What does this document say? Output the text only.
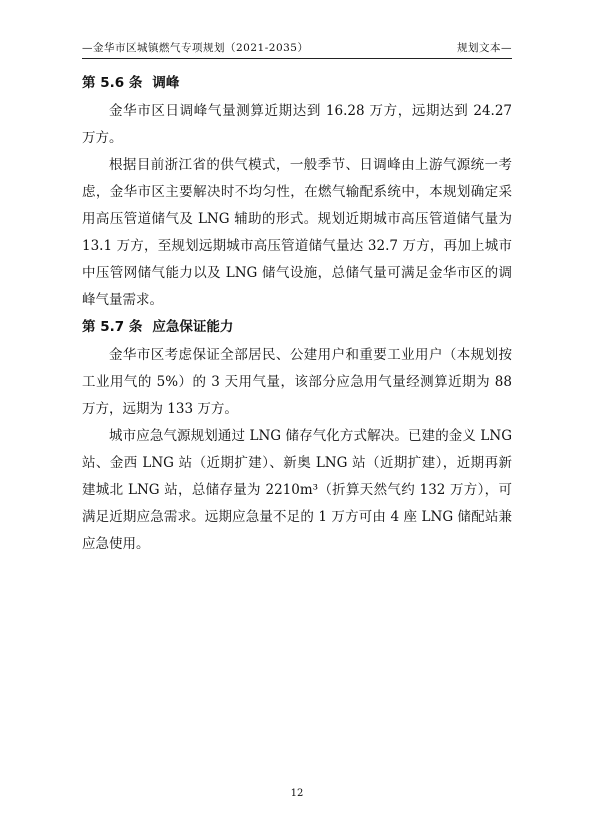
—金华市区城镇燃气专项规划（2021-2035）	规划文本—
第 5.6 条 调峰

金华市区日调峰气量测算近期达到 16.28 万方，远期达到 24.27 万方。

根据目前浙江省的供气模式，一般季节、日调峰由上游气源统一考虑，金华市区主要解决时不均匀性，在燃气输配系统中，本规划确定采用高压管道储气及 LNG 辅助的形式。规划近期城市高压管道储气量为 13.1 万方，至规划远期城市高压管道储气量达 32.7 万方，再加上城市中压管网储气能力以及 LNG 储气设施，总储气量可满足金华市区的调峰气量需求。

第 5.7 条 应急保证能力

金华市区考虑保证全部居民、公建用户和重要工业用户（本规划按工业用气的 5%）的 3 天用气量，该部分应急用气量经测算近期为 88 万方，远期为 133 万方。

城市应急气源规划通过 LNG 储存气化方式解决。已建的金义 LNG 站、金西 LNG 站（近期扩建）、新奥 LNG 站（近期扩建），近期再新建城北 LNG 站，总储存量为 2210m³（折算天然气约 132 万方），可满足近期应急需求。远期应急量不足的 1 万方可由 4 座 LNG 储配站兼应急使用。

12
